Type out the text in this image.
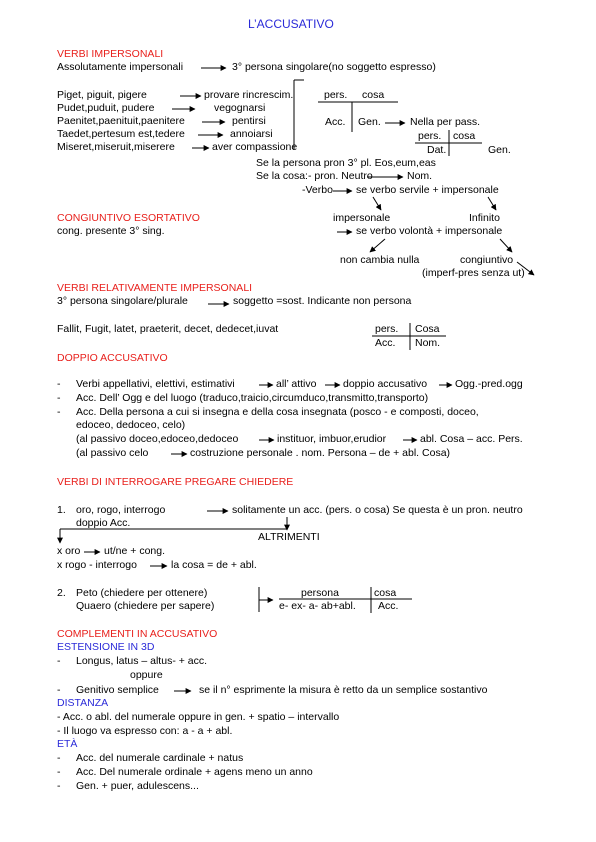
L’ACCUSATIVO
VERBI IMPERSONALI
Assolutamente impersonali	3° persona singolare(no soggetto espresso)
Piget, piguit, pigere	provare rincrescim.
Pudet,puduit, pudere	vegognarsi
Paenitet,paenituit,paenitere	pentirsi
Taedet,pertesum est,tedere	annoiarsi
Miseret,miseruit,miserere	aver compassione
pers. cosa
Acc. Gen.	Nella per pass.
pers. cosa
Dat.	Gen.
Se la persona pron 3° pl. Eos,eum,eas
Se la cosa:- pron. Neutro	Nom.
-Verbo se verbo servile + impersonale
CONGIUNTIVO ESORTATIVO
cong. presente 3° sing.
impersonale	Infinito
se verbo volontà + impersonale
non cambia nulla	congiuntivo
(imperf-pres senza ut)
VERBI RELATIVAMENTE IMPERSONALI
3° persona singolare/plurale	soggetto =sost. Indicante non persona
Fallit, Fugit, latet, praeterit, decet, dedecet,iuvat	pers. Cosa
Acc. Nom.
DOPPIO ACCUSATIVO
- Verbi appellativi, elettivi, estimativi	all’ attivo	doppio accusativo	Ogg.-pred.ogg
- Acc. Dell’ Ogg e del luogo (traduco,traicio,circumduco,transmitto,transporto)
- Acc. Della persona a cui si insegna e della cosa insegnata (posco - e composti, doceo,
edoceo, dedoceo, celo)
(al passivo doceo,edoceo,dedoceo	instituor, imbuor,erudior	abl. Cosa – acc. Pers.
(al passivo celo	costruzione personale . nom. Persona – de + abl. Cosa)
VERBI DI INTERROGARE PREGARE CHIEDERE
1. oro, rogo, interrogo	solitamente un acc. (pers. o cosa) Se questa è un pron. neutro
doppio Acc.
ALTRIMENTI
x oro ut/ne + cong.
x rogo - interrogo	la cosa = de + abl.
2. Peto (chiedere per ottenere)
Quaero (chiedere per sapere)
persona	cosa
e- ex- a- ab+abl. Acc.
COMPLEMENTI IN ACCUSATIVO
ESTENSIONE IN 3D
- Longus, latus – altus- + acc.
oppure
- Genitivo semplice	se il n° esprimente la misura è retto da un semplice sostantivo
DISTANZA
- Acc. o abl. del numerale oppure in gen. + spatio – intervallo
- Il luogo va espresso con: a - a + abl.
ETÀ
- Acc. del numerale cardinale + natus
- Acc. Del numerale ordinale + agens meno un anno
- Gen. + puer, adulescens...
